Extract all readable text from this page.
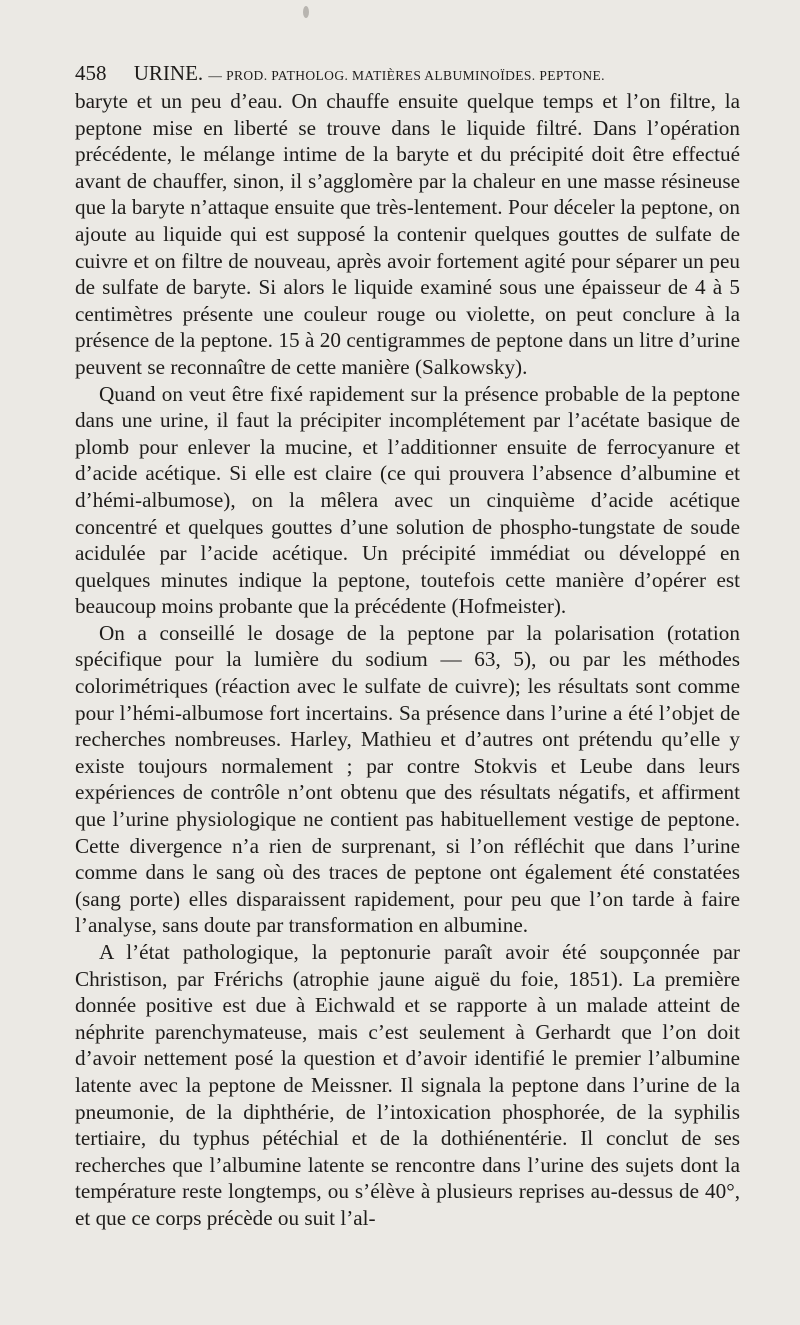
458 URINE. — PROD. PATHOLOG. MATIÈRES ALBUMINOÏDES. PEPTONE.

baryte et un peu d’eau. On chauffe ensuite quelque temps et l’on filtre, la peptone mise en liberté se trouve dans le liquide filtré. Dans l’opération précédente, le mélange intime de la baryte et du précipité doit être effectué avant de chauffer, sinon, il s’agglomère par la chaleur en une masse résineuse que la baryte n’attaque ensuite que très-lentement. Pour déceler la peptone, on ajoute au liquide qui est supposé la contenir quelques gouttes de sulfate de cuivre et on filtre de nouveau, après avoir fortement agité pour séparer un peu de sulfate de baryte. Si alors le liquide examiné sous une épaisseur de 4 à 5 centimètres présente une couleur rouge ou violette, on peut conclure à la présence de la peptone. 15 à 20 centigrammes de peptone dans un litre d’urine peuvent se reconnaître de cette manière (Salkowsky).

Quand on veut être fixé rapidement sur la présence probable de la peptone dans une urine, il faut la précipiter incomplétement par l’acétate basique de plomb pour enlever la mucine, et l’additionner ensuite de ferrocyanure et d’acide acétique. Si elle est claire (ce qui prouvera l’absence d’albumine et d’hémi-albumose), on la mêlera avec un cinquième d’acide acétique concentré et quelques gouttes d’une solution de phospho-tungstate de soude acidulée par l’acide acétique. Un précipité immédiat ou développé en quelques minutes indique la peptone, toutefois cette manière d’opérer est beaucoup moins probante que la précédente (Hofmeister).

On a conseillé le dosage de la peptone par la polarisation (rotation spécifique pour la lumière du sodium — 63, 5), ou par les méthodes colorimétriques (réaction avec le sulfate de cuivre); les résultats sont comme pour l’hémi-albumose fort incertains. Sa présence dans l’urine a été l’objet de recherches nombreuses. Harley, Mathieu et d’autres ont prétendu qu’elle y existe toujours normalement ; par contre Stokvis et Leube dans leurs expériences de contrôle n’ont obtenu que des résultats négatifs, et affirment que l’urine physiologique ne contient pas habituellement vestige de peptone. Cette divergence n’a rien de surprenant, si l’on réfléchit que dans l’urine comme dans le sang où des traces de peptone ont également été constatées (sang porte) elles disparaissent rapidement, pour peu que l’on tarde à faire l’analyse, sans doute par transformation en albumine.

A l’état pathologique, la peptonurie paraît avoir été soupçonnée par Christison, par Frérichs (atrophie jaune aiguë du foie, 1851). La première donnée positive est due à Eichwald et se rapporte à un malade atteint de néphrite parenchymateuse, mais c’est seulement à Gerhardt que l’on doit d’avoir nettement posé la question et d’avoir identifié le premier l’albumine latente avec la peptone de Meissner. Il signala la peptone dans l’urine de la pneumonie, de la diphthérie, de l’intoxication phosphorée, de la syphilis tertiaire, du typhus pétéchial et de la dothiénentérie. Il conclut de ses recherches que l’albumine latente se rencontre dans l’urine des sujets dont la température reste longtemps, ou s’élève à plusieurs reprises au-dessus de 40°, et que ce corps précède ou suit l’al-
